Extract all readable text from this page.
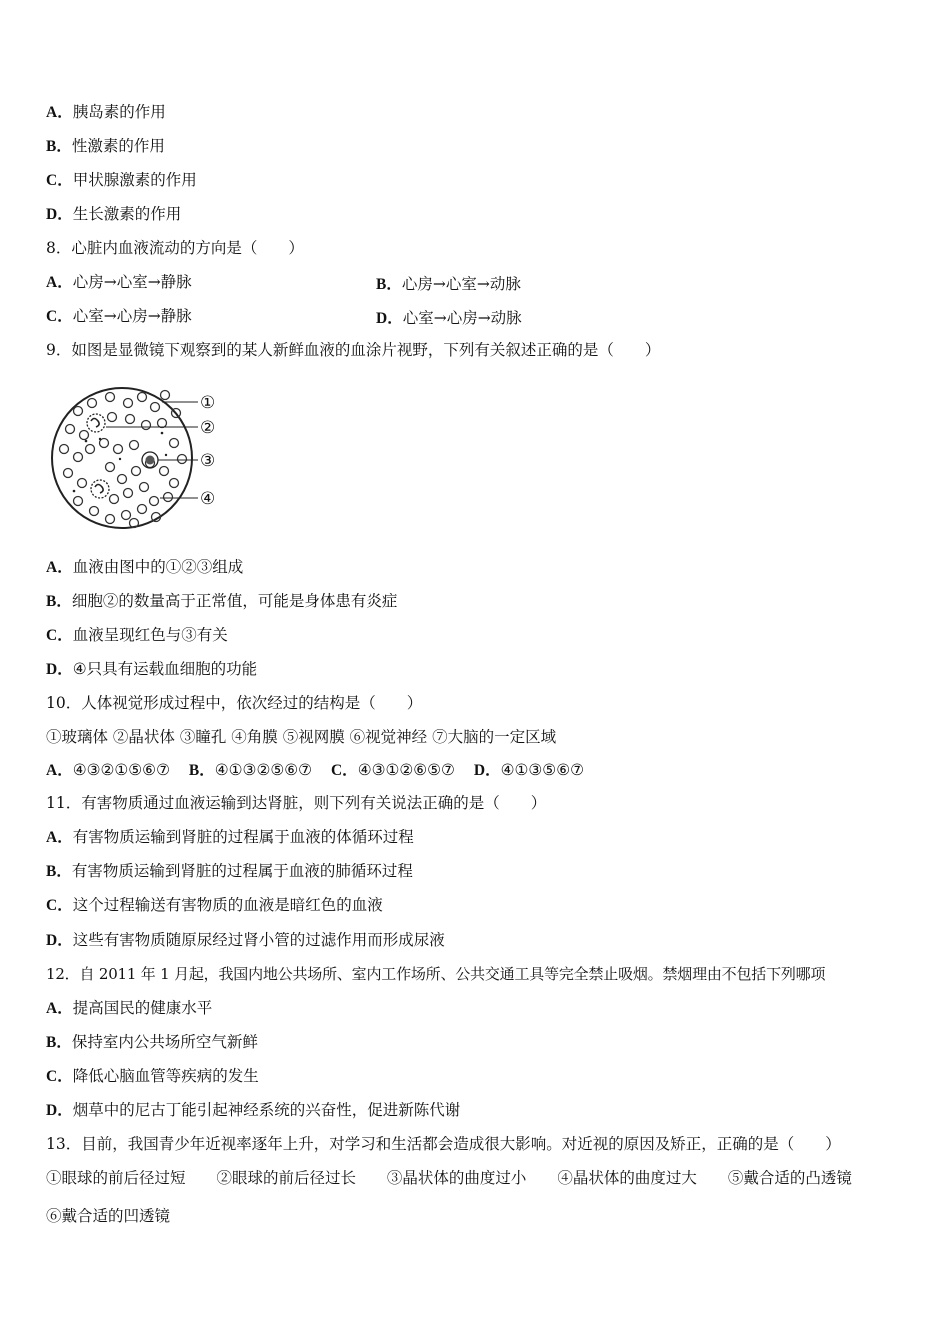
A．胰岛素的作用
B．性激素的作用
C．甲状腺激素的作用
D．生长激素的作用
8．心脏内血液流动的方向是（　　）
A．心房→心室→静脉	B．心房→心室→动脉
C．心室→心房→静脉	D．心室→心房→动脉
9．如图是显微镜下观察到的某人新鲜血液的血涂片视野，下列有关叙述正确的是（　　）
①
②
③
④
A．血液由图中的①②③组成
B．细胞②的数量高于正常值，可能是身体患有炎症
C．血液呈现红色与③有关
D．④只具有运载血细胞的功能
10．人体视觉形成过程中，依次经过的结构是（　　）
①玻璃体 ②晶状体 ③瞳孔 ④角膜 ⑤视网膜 ⑥视觉神经 ⑦大脑的一定区域
A．④③②①⑤⑥⑦ B．④①③②⑤⑥⑦ C．④③①②⑥⑤⑦ D．④①③⑤⑥⑦
11．有害物质通过血液运输到达肾脏，则下列有关说法正确的是（　　）
A．有害物质运输到肾脏的过程属于血液的体循环过程
B．有害物质运输到肾脏的过程属于血液的肺循环过程
C．这个过程输送有害物质的血液是暗红色的血液
D．这些有害物质随原尿经过肾小管的过滤作用而形成尿液
12．自 2011 年 1 月起，我国内地公共场所、室内工作场所、公共交通工具等完全禁止吸烟。禁烟理由不包括下列哪项
A．提高国民的健康水平
B．保持室内公共场所空气新鲜
C．降低心脑血管等疾病的发生
D．烟草中的尼古丁能引起神经系统的兴奋性，促进新陈代谢
13．目前，我国青少年近视率逐年上升，对学习和生活都会造成很大影响。对近视的原因及矫正，正确的是（　　）
①眼球的前后径过短 ②眼球的前后径过长 ③晶状体的曲度过小 ④晶状体的曲度过大 ⑤戴合适的凸透镜
⑥戴合适的凹透镜
